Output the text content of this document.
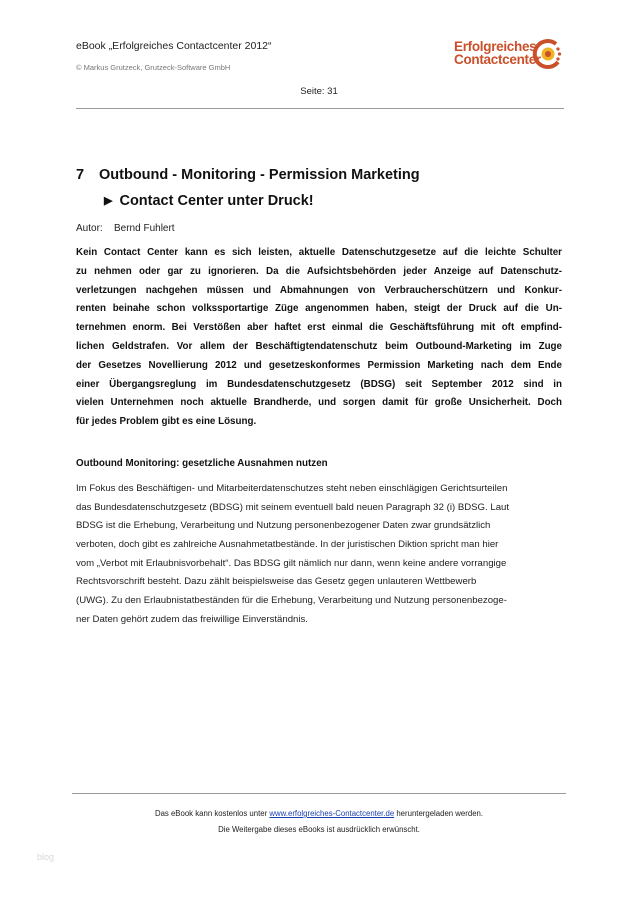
eBook „Erfolgreiches Contactcenter 2012“
© Markus Grutzeck, Grutzeck-Software GmbH
Erfolgreiches
Contactcenter
Seite: 31
7 Outbound - Monitoring - Permission Marketing
▶ Contact Center unter Druck!
Autor: Bernd Fuhlert
Kein Contact Center kann es sich leisten, aktuelle Datenschutzgesetze auf die leichte Schulter
zu nehmen oder gar zu ignorieren. Da die Aufsichtsbehörden jeder Anzeige auf Datenschutz-
verletzungen nachgehen müssen und Abmahnungen von Verbraucherschützern und Konkur-
renten beinahe schon volkssportartige Züge angenommen haben, steigt der Druck auf die Un-
ternehmen enorm. Bei Verstößen aber haftet erst einmal die Geschäftsführung mit oft empfind-
lichen Geldstrafen. Vor allem der Beschäftigtendatenschutz beim Outbound-Marketing im Zuge
der Gesetzes Novellierung 2012 und gesetzeskonformes Permission Marketing nach dem Ende
einer Übergangsreglung im Bundesdatenschutzgesetz (BDSG) seit September 2012 sind in
vielen Unternehmen noch aktuelle Brandherde, und sorgen damit für große Unsicherheit. Doch
für jedes Problem gibt es eine Lösung.
Outbound Monitoring: gesetzliche Ausnahmen nutzen
Im Fokus des Beschäftigen- und Mitarbeiterdatenschutzes steht neben einschlägigen Gerichtsurteilen
das Bundesdatenschutzgesetz (BDSG) mit seinem eventuell bald neuen Paragraph 32 (i) BDSG. Laut
BDSG ist die Erhebung, Verarbeitung und Nutzung personenbezogener Daten zwar grundsätzlich
verboten, doch gibt es zahlreiche Ausnahmetatbestände. In der juristischen Diktion spricht man hier
vom „Verbot mit Erlaubnisvorbehalt“. Das BDSG gilt nämlich nur dann, wenn keine andere vorrangige
Rechtsvorschrift besteht. Dazu zählt beispielsweise das Gesetz gegen unlauteren Wettbewerb
(UWG). Zu den Erlaubnistatbeständen für die Erhebung, Verarbeitung und Nutzung personenbezoge-
ner Daten gehört zudem das freiwillige Einverständnis.
Das eBook kann kostenlos unter www.erfolgreiches-Contactcenter.de heruntergeladen werden.
Die Weitergabe dieses eBooks ist ausdrücklich erwünscht.
blog
